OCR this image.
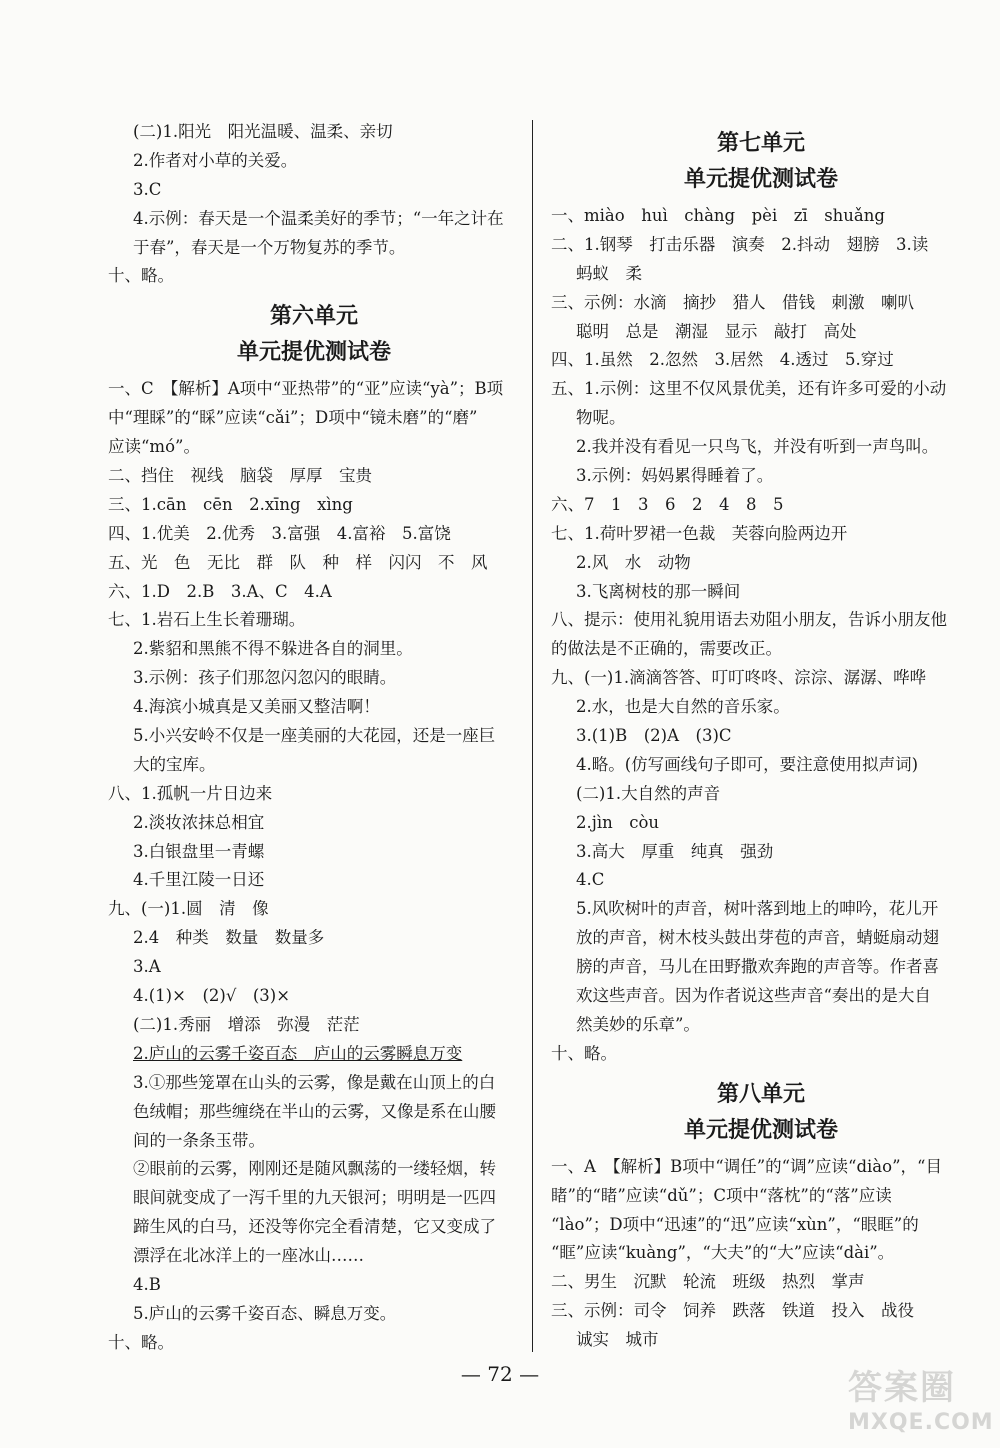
(二)1.阳光　阳光温暖、温柔、亲切
2.作者对小草的关爱。
3.C
4.示例：春天是一个温柔美好的季节；“一年之计在
于春”，春天是一个万物复苏的季节。
十、略。
第六单元
单元提优测试卷
一、C　【解析】A项中“亚热带”的“亚”应读“yà”；B项
中“理睬”的“睬”应读“cǎi”；D项中“镜未磨”的“磨”
应读“mó”。
二、挡住　视线　脑袋　厚厚　宝贵
三、1.cān　cēn　2.xīng　xìng
四、1.优美　2.优秀　3.富强　4.富裕　5.富饶
五、光　色　无比　群　队　种　样　闪闪　不　风
六、1.D　2.B　3.A、C　4.A
七、1.岩石上生长着珊瑚。
2.紫貂和黑熊不得不躲进各自的洞里。
3.示例：孩子们那忽闪忽闪的眼睛。
4.海滨小城真是又美丽又整洁啊！
5.小兴安岭不仅是一座美丽的大花园，还是一座巨
大的宝库。
八、1.孤帆一片日边来
2.淡妆浓抹总相宜
3.白银盘里一青螺
4.千里江陵一日还
九、(一)1.圆　清　像
2.4　种类　数量　数量多
3.A
4.(1)×　(2)√　(3)×
(二)1.秀丽　增添　弥漫　茫茫
2.庐山的云雾千姿百态　庐山的云雾瞬息万变
3.①那些笼罩在山头的云雾，像是戴在山顶上的白
色绒帽；那些缠绕在半山的云雾，又像是系在山腰
间的一条条玉带。
②眼前的云雾，刚刚还是随风飘荡的一缕轻烟，转
眼间就变成了一泻千里的九天银河；明明是一匹四
蹄生风的白马，还没等你完全看清楚，它又变成了
漂浮在北冰洋上的一座冰山……
4.B
5.庐山的云雾千姿百态、瞬息万变。
十、略。
第七单元
单元提优测试卷
一、miào　huì　chàng　pèi　zī　shuǎng
二、1.钢琴　打击乐器　演奏　2.抖动　翅膀　3.读
蚂蚁　柔
三、示例：水滴　摘抄　猎人　借钱　刺激　喇叭
聪明　总是　潮湿　显示　敲打　高处
四、1.虽然　2.忽然　3.居然　4.透过　5.穿过
五、1.示例：这里不仅风景优美，还有许多可爱的小动
物呢。
2.我并没有看见一只鸟飞，并没有听到一声鸟叫。
3.示例：妈妈累得睡着了。
六、7　1　3　6　2　4　8　5
七、1.荷叶罗裙一色裁　芙蓉向脸两边开
2.风　水　动物
3.飞离树枝的那一瞬间
八、提示：使用礼貌用语去劝阻小朋友，告诉小朋友他
的做法是不正确的，需要改正。
九、(一)1.滴滴答答、叮叮咚咚、淙淙、潺潺、哗哗
2.水，也是大自然的音乐家。
3.(1)B　(2)A　(3)C
4.略。(仿写画线句子即可，要注意使用拟声词)
(二)1.大自然的声音
2.jìn　còu
3.高大　厚重　纯真　强劲
4.C
5.风吹树叶的声音，树叶落到地上的呻吟，花儿开
放的声音，树木枝头鼓出芽苞的声音，蜻蜓扇动翅
膀的声音，马儿在田野撒欢奔跑的声音等。作者喜
欢这些声音。因为作者说这些声音“奏出的是大自
然美妙的乐章”。
十、略。
第八单元
单元提优测试卷
一、A　【解析】B项中“调任”的“调”应读“diào”，“目
睹”的“睹”应读“dǔ”；C项中“落枕”的“落”应读
“lào”；D项中“迅速”的“迅”应读“xùn”，“眼眶”的
“眶”应读“kuàng”，“大夫”的“大”应读“dài”。
二、男生　沉默　轮流　班级　热烈　掌声
三、示例：司令　饲养　跌落　铁道　投入　战役
诚实　城市
— 72 —	答案圈
MXQE.COM
